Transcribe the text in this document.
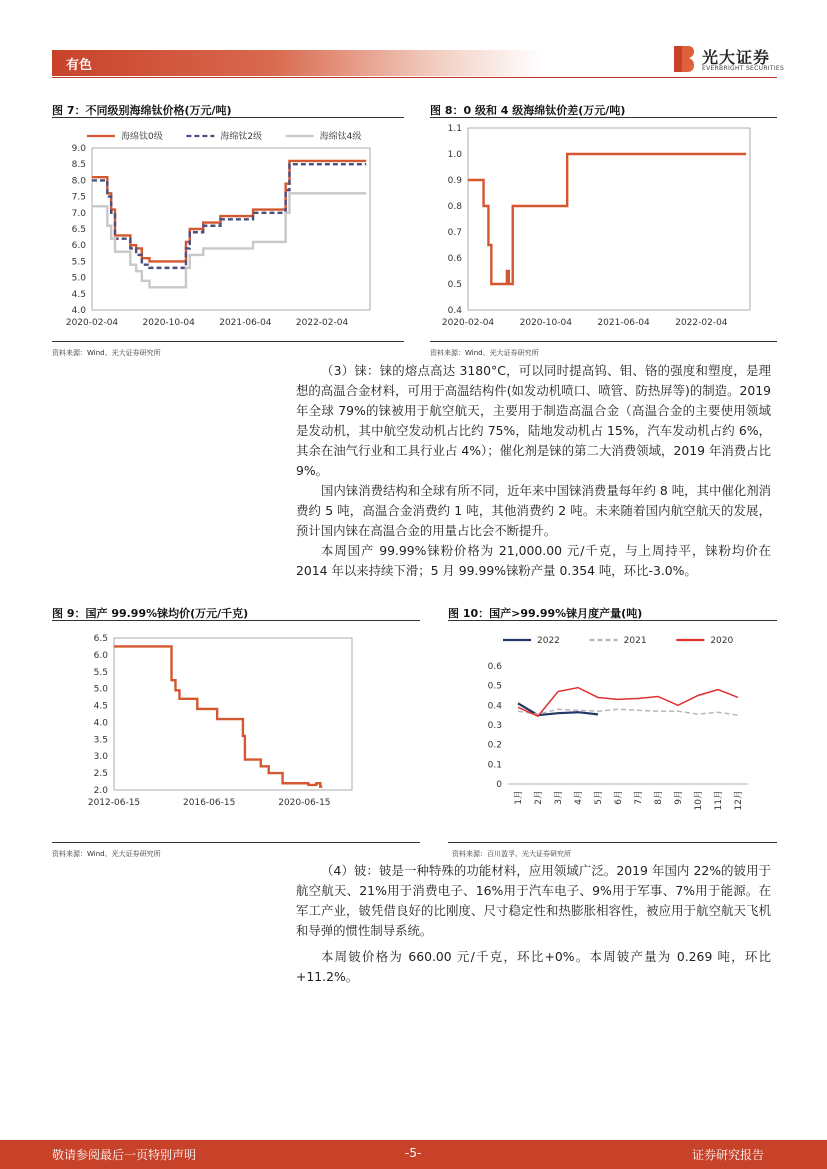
有色	光大证券
EVERBRIGHT SECURITIES
图 7：不同级别海绵钛价格(万元/吨)
4.0
4.5
5.0
5.5
6.0
6.5
7.0
7.5
8.0
8.5
9.0
2020-02-04	2020-10-04	2021-06-04	2022-02-04
海绵钛0级	海绵钛2级	海绵钛4级
资料来源：Wind、光大证券研究所
图 8：0 级和 4 级海绵钛价差(万元/吨)
0.4
0.5
0.6
0.7
0.8
0.9
1.0
1.1
2020-02-04	2020-10-04	2021-06-04	2022-02-04
资料来源：Wind、光大证券研究所

（3）铼：铼的熔点高达 3180°C，可以同时提高钨、钼、铬的强度和塑度，是理想的高温合金材料，可用于高温结构件(如发动机喷口、喷管、防热屏等)的制造。2019 年全球 79%的铼被用于航空航天，主要用于制造高温合金（高温合金的主要使用领域是发动机，其中航空发动机占比约 75%，陆地发动机占 15%，汽车发动机占约 6%，其余在油气行业和工具行业占 4%）；催化剂是铼的第二大消费领域，2019 年消费占比 9%。

国内铼消费结构和全球有所不同，近年来中国铼消费量每年约 8 吨，其中催化剂消费约 5 吨，高温合金消费约 1 吨，其他消费约 2 吨。未来随着国内航空航天的发展，预计国内铼在高温合金的用量占比会不断提升。

本周国产 99.99%铼粉价格为 21,000.00 元/千克，与上周持平，铼粉均价在 2014 年以来持续下滑；5 月 99.99%铼粉产量 0.354 吨，环比-3.0%。

图 9：国产 99.99%铼均价(万元/千克)
2.0
2.5
3.0
3.5
4.0
4.5
5.0
5.5
6.0
6.5
2012-06-15	2016-06-15	2020-06-15
资料来源：Wind、光大证券研究所
图 10：国产>99.99%铼月度产量(吨)
0
0.1
0.2
0.3
0.4
0.5
0.6
1月 2月 3月 4月 5月 6月 7月 8月 9月 10月 11月 12月
2022	2021	2020
资料来源：百川盈孚、光大证券研究所

（4）铍：铍是一种特殊的功能材料，应用领域广泛。2019 年国内 22%的铍用于航空航天、21%用于消费电子、16%用于汽车电子、9%用于军事、7%用于能源。在军工产业，铍凭借良好的比刚度、尺寸稳定性和热膨胀相容性，被应用于航空航天飞机和导弹的惯性制导系统。

本周铍价格为 660.00 元/千克，环比+0%。本周铍产量为 0.269 吨，环比+11.2%。

敬请参阅最后一页特别声明	-5-	证券研究报告
